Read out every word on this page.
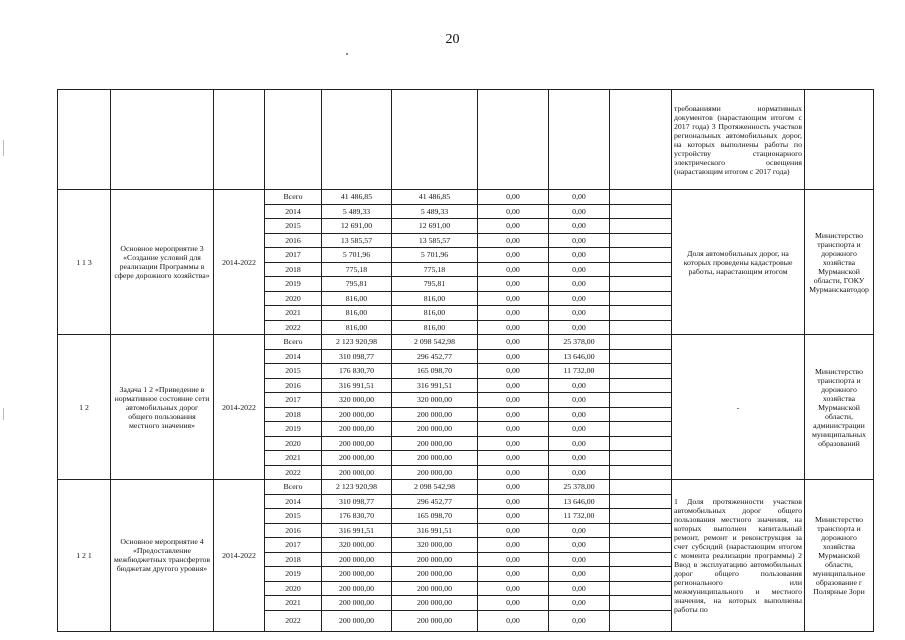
20
									требованиями нормативных документов (нарастающим итогом с 2017 года) 3 Протяженность участков региональных автомобильных дорог, на которых выполнены работы по устройству стационарного электрического освещения (нарастающим итогом с 2017 года)	
1 1 3	Основное мероприятие 3 «Создание условий для реализации Программы в сфере дорожного хозяйства»	2014-2022	Всего	41 486,85	41 486,85	0,00	0,00		Доля автомобильных дорог, на которых проведены кадастровые работы, нарастающим итогом	Министерство транспорта и дорожного хозяйства Мурманской области, ГОКУ Мурманскавтодор
			2014	5 489,33	5 489,33	0,00	0,00			
			2015	12 691,00	12 691,00	0,00	0,00			
			2016	13 585,57	13 585,57	0,00	0,00			
			2017	5 701,96	5 701,96	0,00	0,00			
			2018	775,18	775,18	0,00	0,00			
			2019	795,81	795,81	0,00	0,00			
			2020	816,00	816,00	0,00	0,00			
			2021	816,00	816,00	0,00	0,00			
			2022	816,00	816,00	0,00	0,00			
1 2	Задача 1 2 «Приведение в нормативное состояние сети автомобильных дорог общего пользования местного значения»	2014-2022	Всего	2 123 920,98	2 098 542,98	0,00	25 378,00		-	Министерство транспорта и дорожного хозяйства Мурманской области, администрации муниципальных образований
			2014	310 098,77	296 452,77	0,00	13 646,00			
			2015	176 830,70	165 098,70	0,00	11 732,00			
			2016	316 991,51	316 991,51	0,00	0,00			
			2017	320 000,00	320 000,00	0,00	0,00			
			2018	200 000,00	200 000,00	0,00	0,00			
			2019	200 000,00	200 000,00	0,00	0,00			
			2020	200 000,00	200 000,00	0,00	0,00			
			2021	200 000,00	200 000,00	0,00	0,00			
			2022	200 000,00	200 000,00	0,00	0,00			
1 2 1	Основное мероприятие 4 «Предоставление межбюджетных трансфертов бюджетам другого уровня»	2014-2022	Всего	2 123 920,98	2 098 542,98	0,00	25 378,00		1 Доля протяженности участков автомобильных дорог общего пользования местного значения, на которых выполнен капитальный ремонт, ремонт и реконструкция за счет субсидий (нарастающим итогом с момента реализации программы) 2 Ввод в эксплуатацию автомобильных дорог общего пользования регионального или межмуниципального и местного значения, на которых выполнены работы по	Министерство транспорта и дорожного хозяйства Мурманской области, муниципальное образование г Полярные Зори
			2014	310 098,77	296 452,77	0,00	13 646,00			
			2015	176 830,70	165 098,70	0,00	11 732,00			
			2016	316 991,51	316 991,51	0,00	0,00			
			2017	320 000,00	320 000,00	0,00	0,00			
			2018	200 000,00	200 000,00	0,00	0,00			
			2019	200 000,00	200 000,00	0,00	0,00			
			2020	200 000,00	200 000,00	0,00	0,00			
			2021	200 000,00	200 000,00	0,00	0,00			
			2022	200 000,00	200 000,00	0,00	0,00			
